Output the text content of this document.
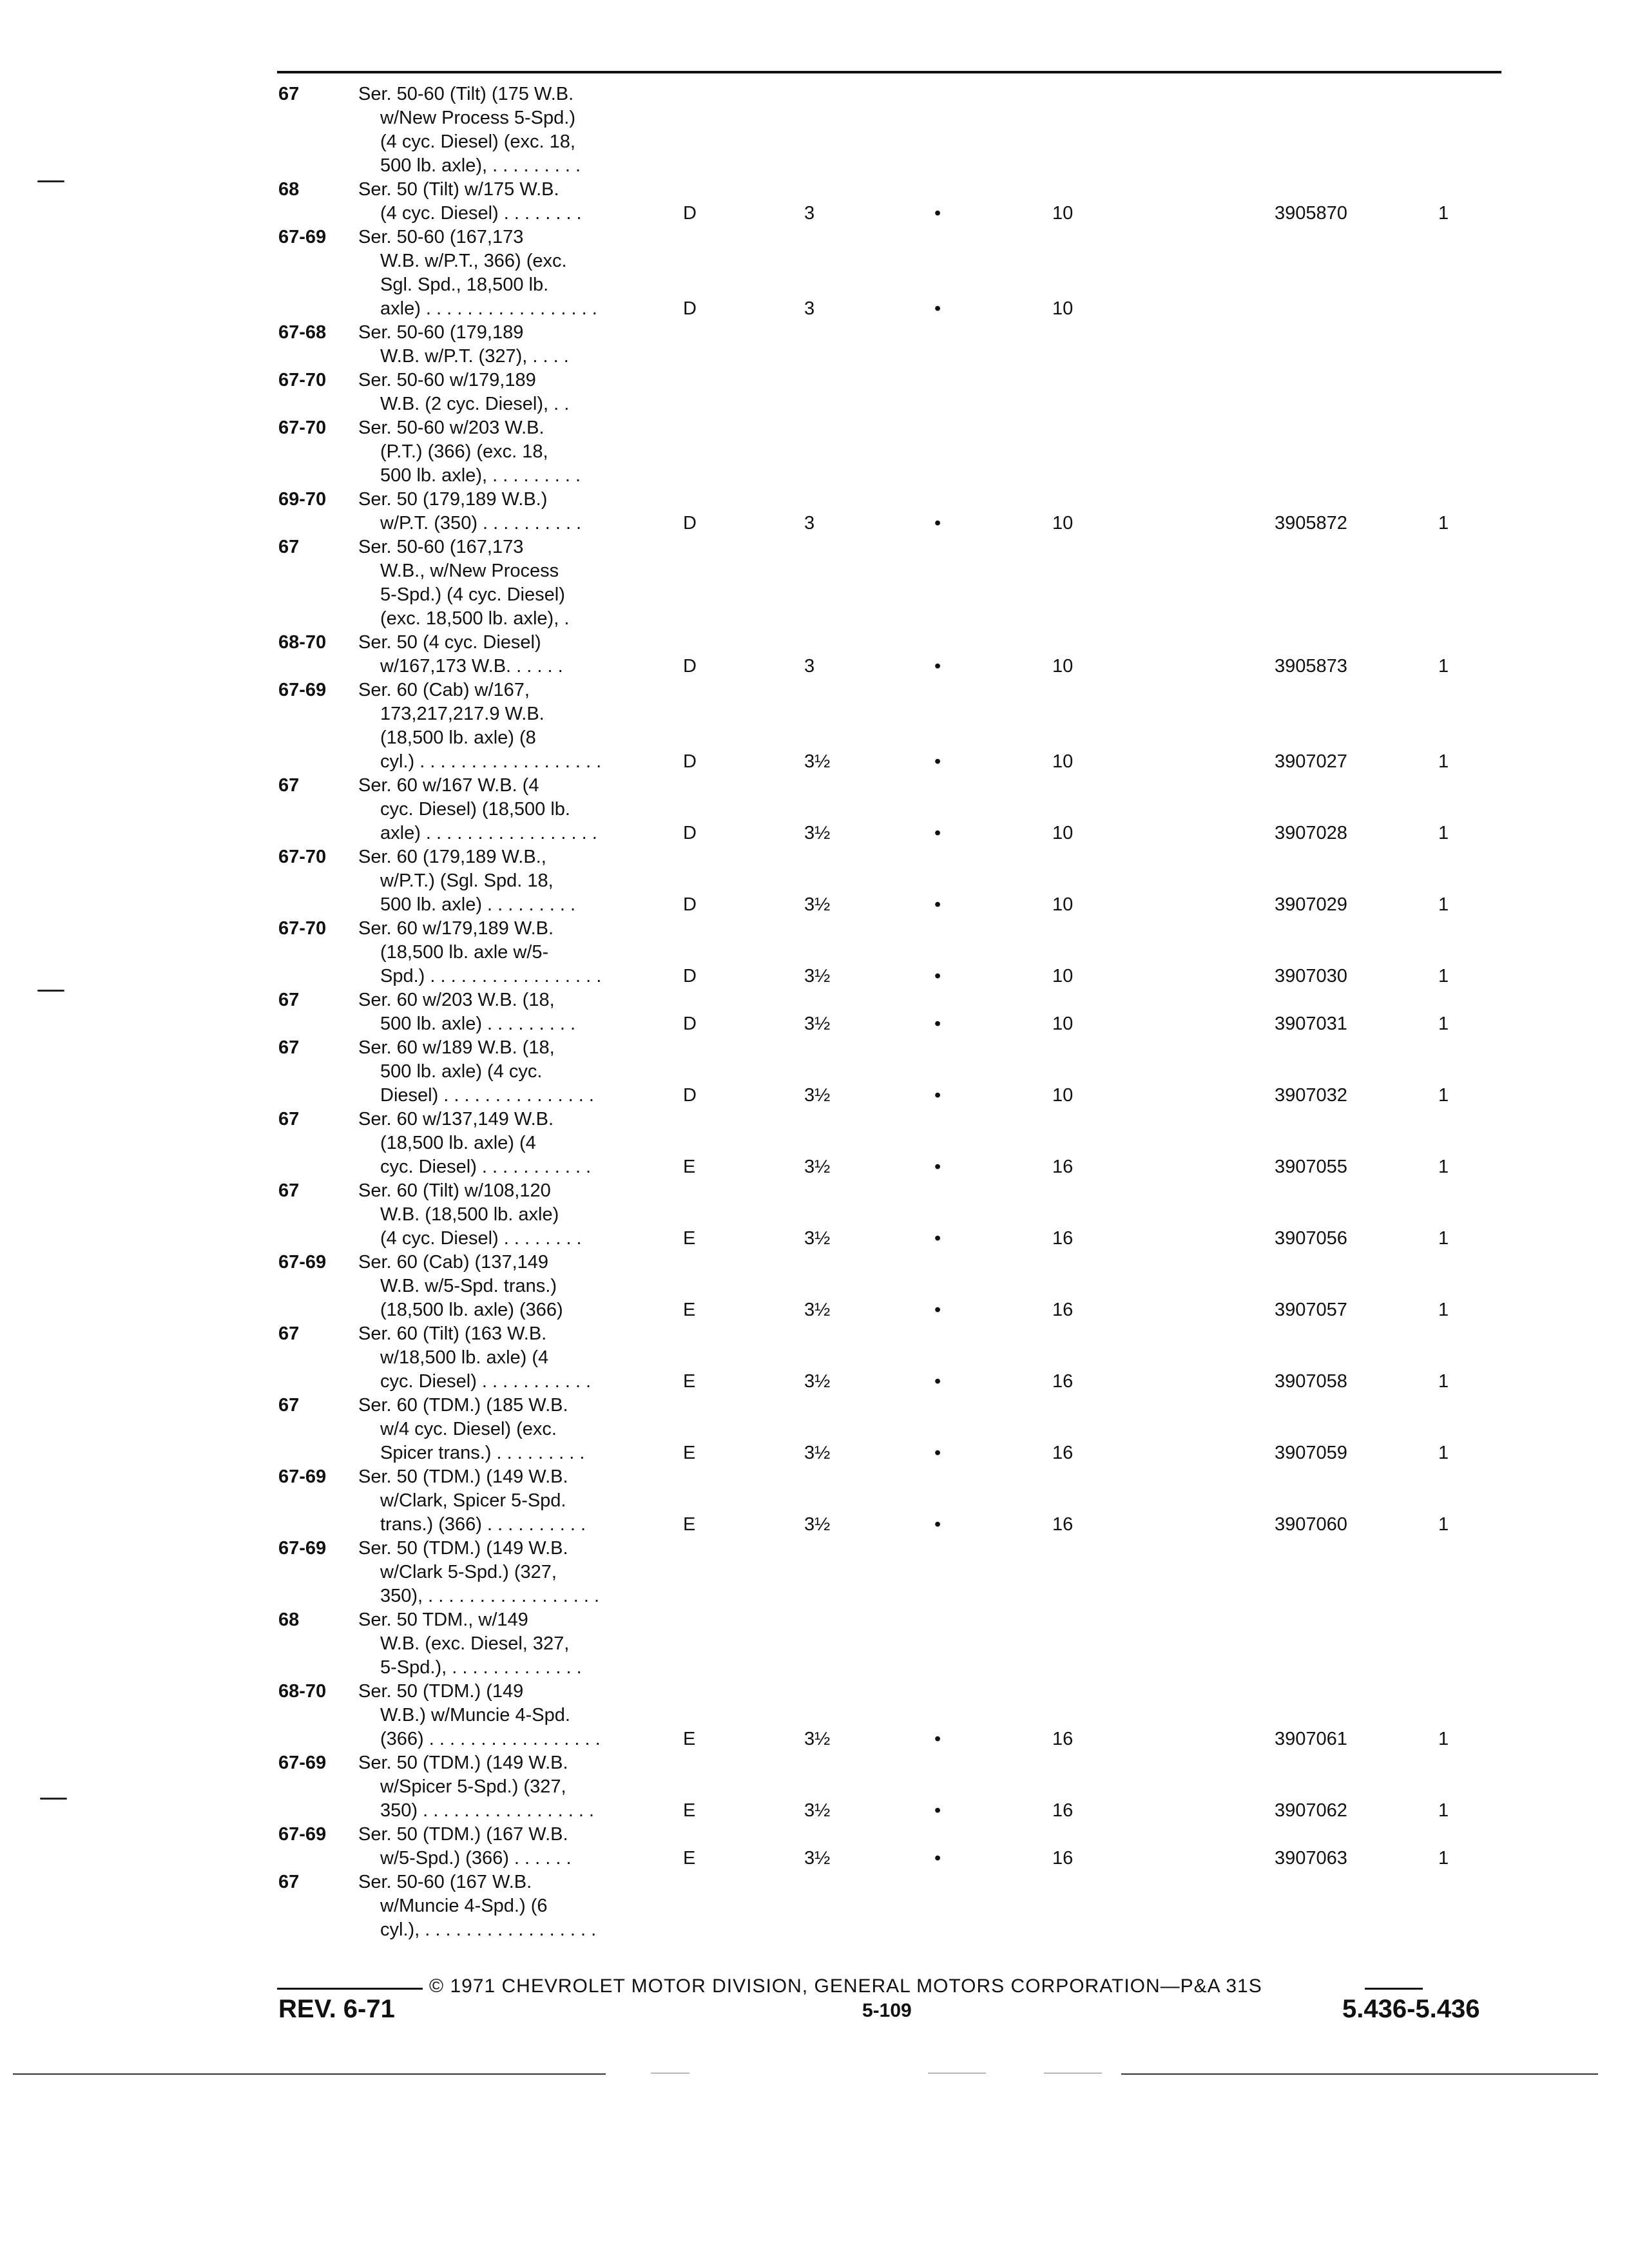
67	Ser. 50-60 (Tilt) (175 W.B.
w/New Process 5-Spd.)
(4 cyc. Diesel) (exc. 18,
500 lb. axle), . . . . . . . . .
68	Ser. 50 (Tilt) w/175 W.B.
(4 cyc. Diesel) . . . . . . . .	D	3	•	10	3905870	1
67-69	Ser. 50-60 (167,173
W.B. w/P.T., 366) (exc.
Sgl. Spd., 18,500 lb.
axle) . . . . . . . . . . . . . . . . .	D	3	•	10
67-68	Ser. 50-60 (179,189
W.B. w/P.T. (327), . . . .
67-70	Ser. 50-60 w/179,189
W.B. (2 cyc. Diesel), . .
67-70	Ser. 50-60 w/203 W.B.
(P.T.) (366) (exc. 18,
500 lb. axle), . . . . . . . . .
69-70	Ser. 50 (179,189 W.B.)
w/P.T. (350) . . . . . . . . . .	D	3	•	10	3905872	1
67	Ser. 50-60 (167,173
W.B., w/New Process
5-Spd.) (4 cyc. Diesel)
(exc. 18,500 lb. axle), .
68-70	Ser. 50 (4 cyc. Diesel)
w/167,173 W.B. . . . . .	D	3	•	10	3905873	1
67-69	Ser. 60 (Cab) w/167,
173,217,217.9 W.B.
(18,500 lb. axle) (8
cyl.) . . . . . . . . . . . . . . . . . .	D	3½	•	10	3907027	1
67	Ser. 60 w/167 W.B. (4
cyc. Diesel) (18,500 lb.
axle) . . . . . . . . . . . . . . . . .	D	3½	•	10	3907028	1
67-70	Ser. 60 (179,189 W.B.,
w/P.T.) (Sgl. Spd. 18,
500 lb. axle) . . . . . . . . .	D	3½	•	10	3907029	1
67-70	Ser. 60 w/179,189 W.B.
(18,500 lb. axle w/5-
Spd.) . . . . . . . . . . . . . . . . .	D	3½	•	10	3907030	1
67	Ser. 60 w/203 W.B. (18,
500 lb. axle) . . . . . . . . .	D	3½	•	10	3907031	1
67	Ser. 60 w/189 W.B. (18,
500 lb. axle) (4 cyc.
Diesel) . . . . . . . . . . . . . . .	D	3½	•	10	3907032	1
67	Ser. 60 w/137,149 W.B.
(18,500 lb. axle) (4
cyc. Diesel) . . . . . . . . . . .	E	3½	•	16	3907055	1
67	Ser. 60 (Tilt) w/108,120
W.B. (18,500 lb. axle)
(4 cyc. Diesel) . . . . . . . .	E	3½	•	16	3907056	1
67-69	Ser. 60 (Cab) (137,149
W.B. w/5-Spd. trans.)
(18,500 lb. axle) (366)	E	3½	•	16	3907057	1
67	Ser. 60 (Tilt) (163 W.B.
w/18,500 lb. axle) (4
cyc. Diesel) . . . . . . . . . . .	E	3½	•	16	3907058	1
67	Ser. 60 (TDM.) (185 W.B.
w/4 cyc. Diesel) (exc.
Spicer trans.) . . . . . . . . .	E	3½	•	16	3907059	1
67-69	Ser. 50 (TDM.) (149 W.B.
w/Clark, Spicer 5-Spd.
trans.) (366) . . . . . . . . . .	E	3½	•	16	3907060	1
67-69	Ser. 50 (TDM.) (149 W.B.
w/Clark 5-Spd.) (327,
350), . . . . . . . . . . . . . . . . .
68	Ser. 50 TDM., w/149
W.B. (exc. Diesel, 327,
5-Spd.), . . . . . . . . . . . . .
68-70	Ser. 50 (TDM.) (149
W.B.) w/Muncie 4-Spd.
(366) . . . . . . . . . . . . . . . . .	E	3½	•	16	3907061	1
67-69	Ser. 50 (TDM.) (149 W.B.
w/Spicer 5-Spd.) (327,
350) . . . . . . . . . . . . . . . . .	E	3½	•	16	3907062	1
67-69	Ser. 50 (TDM.) (167 W.B.
w/5-Spd.) (366) . . . . . .	E	3½	•	16	3907063	1
67	Ser. 50-60 (167 W.B.
w/Muncie 4-Spd.) (6
cyl.), . . . . . . . . . . . . . . . . .
© 1971 CHEVROLET MOTOR DIVISION, GENERAL MOTORS CORPORATION—P&A 31S
REV. 6-71	5-109	5.436-5.436
